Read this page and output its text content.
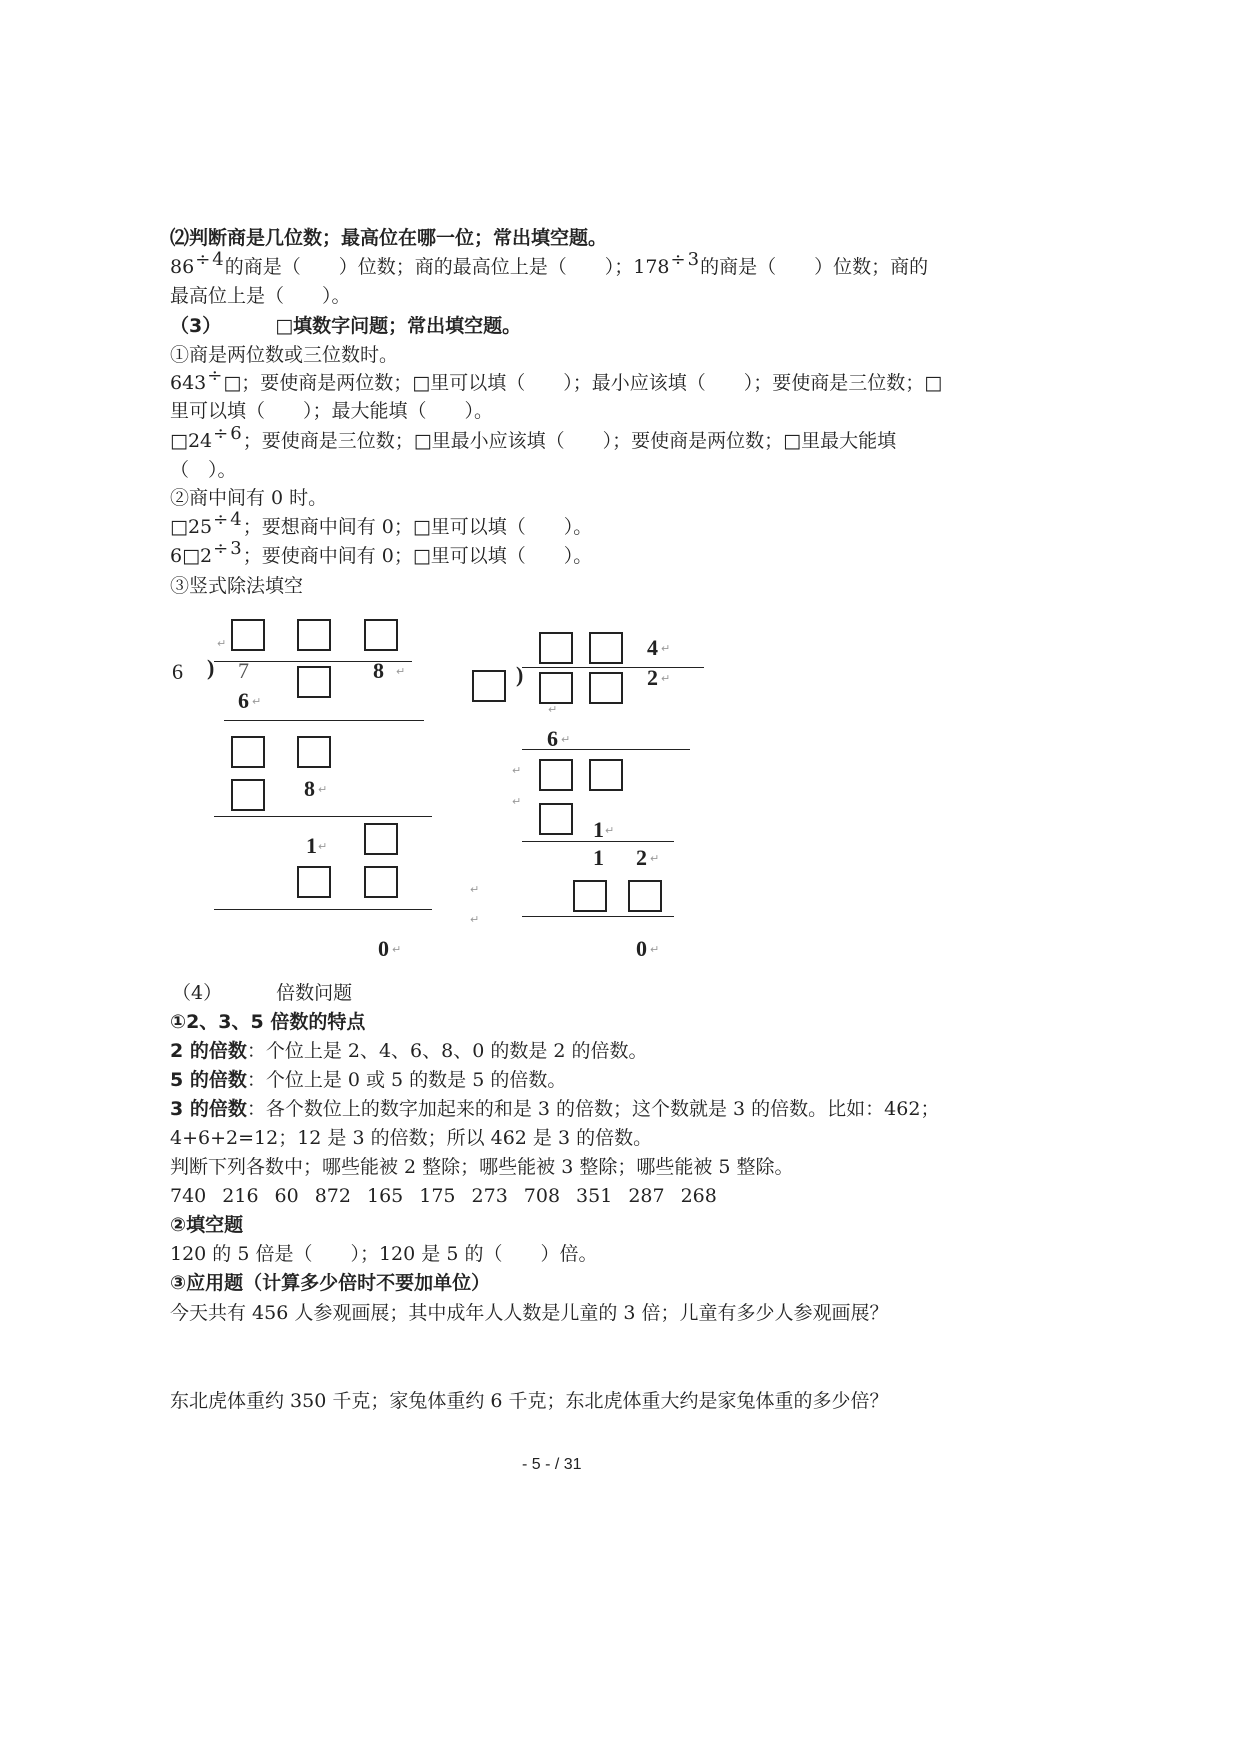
⑵判断商是几位数；最高位在哪一位；常出填空题。
86÷ 4的商是（　　）位数；商的最高位上是（　　）；178÷ 3的商是（　　）位数；商的
最高位上是（　　）。
（3）	□填数字问题；常出填空题。
①商是两位数或三位数时。
643÷□；要使商是两位数；□里可以填（　　）；最小应该填（　　）；要使商是三位数；□
里可以填（　　）；最大能填（　　）。
□24÷ 6；要使商是三位数；□里最小应该填（　　）；要使商是两位数；□里最大能填
（　）。
②商中间有 0 时。
□25÷ 4；要想商中间有 0；□里可以填（　　）。
6□2÷ 3；要使商中间有 0；□里可以填（　　）。
③竖式除法填空
↵
6 ) 7	8 ↵
6 ↵
8 ↵
1 ↵
0 ↵
4 ↵
)	2 ↵
↵
6 ↵
↵
↵
1 ↵
1 2 ↵
↵
↵
0 ↵
（4）	倍数问题
①2、3、5 倍数的特点
2 的倍数：个位上是 2、4、6、8、0 的数是 2 的倍数。
5 的倍数：个位上是 0 或 5 的数是 5 的倍数。
3 的倍数：各个数位上的数字加起来的和是 3 的倍数；这个数就是 3 的倍数。比如：462；
4+6+2=12；12 是 3 的倍数；所以 462 是 3 的倍数。
判断下列各数中；哪些能被 2 整除；哪些能被 3 整除；哪些能被 5 整除。
740 216 60 872 165 175 273 708 351 287 268
②填空题
120 的 5 倍是（　　）；120 是 5 的（　　）倍。
③应用题（计算多少倍时不要加单位）
今天共有 456 人参观画展；其中成年人人数是儿童的 3 倍；儿童有多少人参观画展？
东北虎体重约 350 千克；家兔体重约 6 千克；东北虎体重大约是家兔体重的多少倍？
- 5 - / 31
